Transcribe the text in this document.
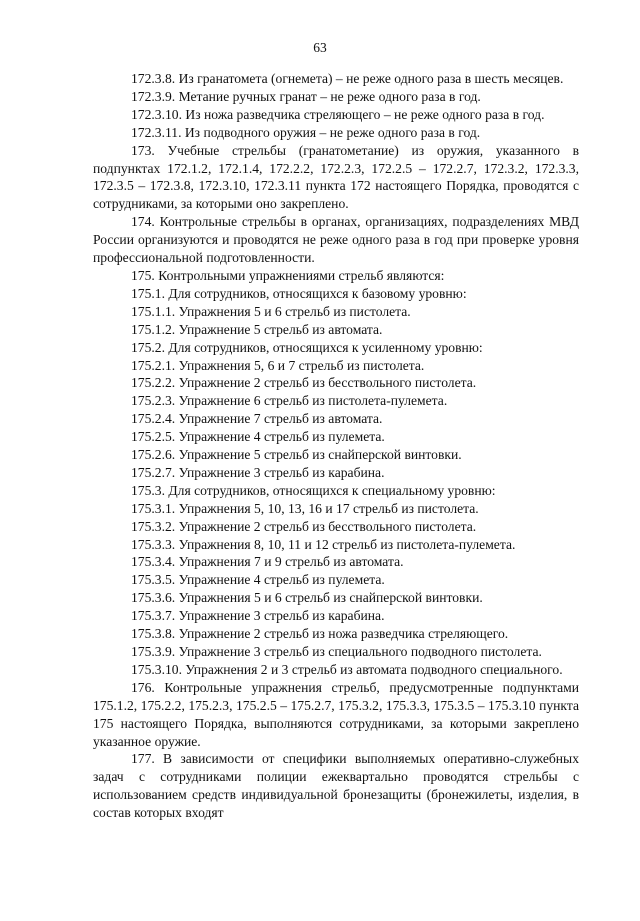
63

172.3.8. Из гранатомета (огнемета) – не реже одного раза в шесть месяцев.

172.3.9. Метание ручных гранат – не реже одного раза в год.

172.3.10. Из ножа разведчика стреляющего – не реже одного раза в год.

172.3.11. Из подводного оружия – не реже одного раза в год.

173. Учебные стрельбы (гранатометание) из оружия, указанного в подпунктах 172.1.2, 172.1.4, 172.2.2, 172.2.3, 172.2.5 – 172.2.7, 172.3.2, 172.3.3, 172.3.5 – 172.3.8, 172.3.10, 172.3.11 пункта 172 настоящего Порядка, проводятся с сотрудниками, за которыми оно закреплено.

174. Контрольные стрельбы в органах, организациях, подразделениях МВД России организуются и проводятся не реже одного раза в год при проверке уровня профессиональной подготовленности.

175. Контрольными упражнениями стрельб являются:

175.1. Для сотрудников, относящихся к базовому уровню:

175.1.1. Упражнения 5 и 6 стрельб из пистолета.

175.1.2. Упражнение 5 стрельб из автомата.

175.2. Для сотрудников, относящихся к усиленному уровню:

175.2.1. Упражнения 5, 6 и 7 стрельб из пистолета.

175.2.2. Упражнение 2 стрельб из бесствольного пистолета.

175.2.3. Упражнение 6 стрельб из пистолета-пулемета.

175.2.4. Упражнение 7 стрельб из автомата.

175.2.5. Упражнение 4 стрельб из пулемета.

175.2.6. Упражнение 5 стрельб из снайперской винтовки.

175.2.7. Упражнение 3 стрельб из карабина.

175.3. Для сотрудников, относящихся к специальному уровню:

175.3.1. Упражнения 5, 10, 13, 16 и 17 стрельб из пистолета.

175.3.2. Упражнение 2 стрельб из бесствольного пистолета.

175.3.3. Упражнения 8, 10, 11 и 12 стрельб из пистолета-пулемета.

175.3.4. Упражнения 7 и 9 стрельб из автомата.

175.3.5. Упражнение 4 стрельб из пулемета.

175.3.6. Упражнения 5 и 6 стрельб из снайперской винтовки.

175.3.7. Упражнение 3 стрельб из карабина.

175.3.8. Упражнение 2 стрельб из ножа разведчика стреляющего.

175.3.9. Упражнение 3 стрельб из специального подводного пистолета.

175.3.10. Упражнения 2 и 3 стрельб из автомата подводного специального.

176. Контрольные упражнения стрельб, предусмотренные подпунктами 175.1.2, 175.2.2, 175.2.3, 175.2.5 – 175.2.7, 175.3.2, 175.3.3, 175.3.5 – 175.3.10 пункта 175 настоящего Порядка, выполняются сотрудниками, за которыми закреплено указанное оружие.

177. В зависимости от специфики выполняемых оперативно-служебных задач с сотрудниками полиции ежеквартально проводятся стрельбы с использованием средств индивидуальной бронезащиты (бронежилеты, изделия, в состав которых входят
